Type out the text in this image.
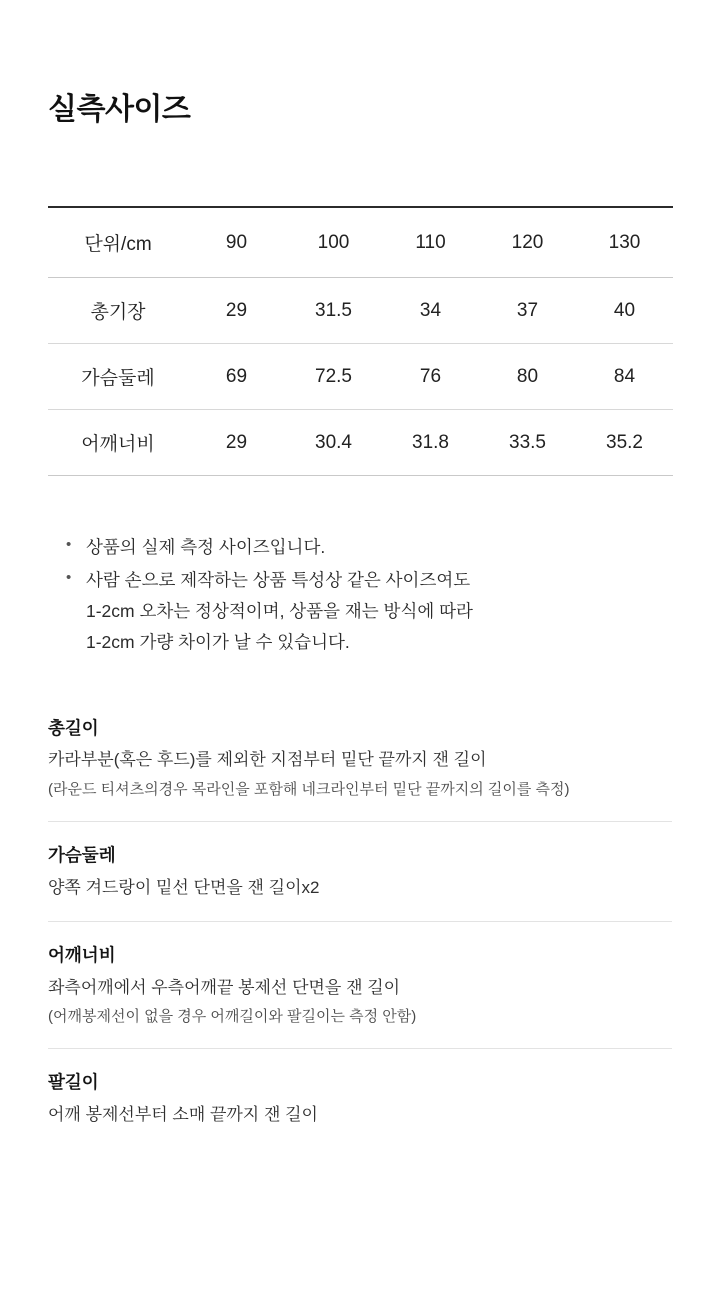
실측사이즈
단위/cm	90	100	110	120	130
총기장	29	31.5	34	37	40
가슴둘레	69	72.5	76	80	84
어깨너비	29	30.4	31.8	33.5	35.2
• 상품의 실제 측정 사이즈입니다.
• 사람 손으로 제작하는 상품 특성상 같은 사이즈여도
1-2cm 오차는 정상적이며, 상품을 재는 방식에 따라
1-2cm 가량 차이가 날 수 있습니다.

총길이

카라부분(혹은 후드)를 제외한 지점부터 밑단 끝까지 잰 길이

(라운드 티셔츠의경우 목라인을 포함해 네크라인부터 밑단 끝까지의 길이를 측정)

가슴둘레

양쪽 겨드랑이 밑선 단면을 잰 길이x2

어깨너비

좌측어깨에서 우측어깨끝 봉제선 단면을 잰 길이

(어깨봉제선이 없을 경우 어깨길이와 팔길이는 측정 안함)

팔길이

어깨 봉제선부터 소매 끝까지 잰 길이
